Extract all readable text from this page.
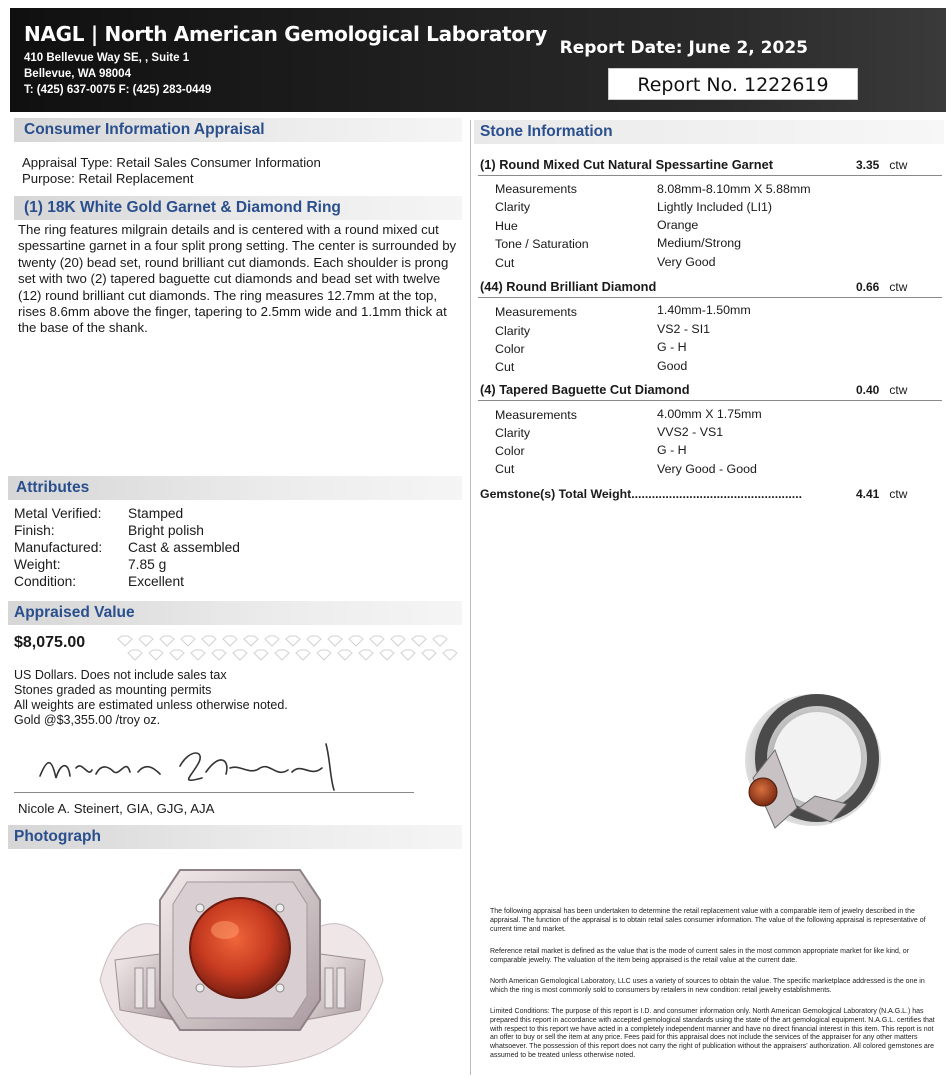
NAGL | North American Gemological Laboratory
410 Bellevue Way SE, , Suite 1
Bellevue, WA 98004
T: (425) 637-0075 F: (425) 283-0449
Report Date: June 2, 2025
Report No. 1222619
Consumer Information Appraisal
Appraisal Type: Retail Sales Consumer Information
Purpose: Retail Replacement
(1) 18K White Gold Garnet & Diamond Ring
The ring features milgrain details and is centered with a round mixed cut spessartine garnet in a four split prong setting. The center is surrounded by twenty (20) bead set, round brilliant cut diamonds. Each shoulder is prong set with two (2) tapered baguette cut diamonds and bead set with twelve (12) round brilliant cut diamonds. The ring measures 12.7mm at the top, rises 8.6mm above the finger, tapering to 2.5mm wide and 1.1mm thick at the base of the shank.
Attributes
Metal Verified:	Stamped
Finish:	Bright polish
Manufactured:	Cast & assembled
Weight:	7.85 g
Condition:	Excellent
Appraised Value
$8,075.00
US Dollars. Does not include sales tax
Stones graded as mounting permits
All weights are estimated unless otherwise noted.
Gold @$3,355.00 /troy oz.
Nicole A. Steinert, GIA, GJG, AJA
Photograph
Stone Information
(1) Round Mixed Cut Natural Spessartine Garnet	3.35 ctw
Measurements	8.08mm-8.10mm X 5.88mm
Clarity	Lightly Included (LI1)
Hue	Orange
Tone / Saturation	Medium/Strong
Cut	Very Good
(44) Round Brilliant Diamond	0.66 ctw
Measurements	1.40mm-1.50mm
Clarity	VS2 - SI1
Color	G - H
Cut	Good
(4) Tapered Baguette Cut Diamond	0.40 ctw
Measurements	4.00mm X 1.75mm
Clarity	VVS2 - VS1
Color	G - H
Cut	Very Good - Good
Gemstone(s) Total Weight..................................................	4.41 ctw
The following appraisal has been undertaken to determine the retail replacement value with a comparable item of jewelry described in the appraisal. The function of the appraisal is to obtain retail sales consumer information. The value of the following appraisal is representative of current time and market.
Reference retail market is defined as the value that is the mode of current sales in the most common appropriate market for like kind, or comparable jewelry. The valuation of the item being appraised is the retail value at the current date.
North American Gemological Laboratory, LLC uses a variety of sources to obtain the value. The specific marketplace addressed is the one in which the ring is most commonly sold to consumers by retailers in new condition: retail jewelry establishments.
Limited Conditions: The purpose of this report is I.D. and consumer information only. North American Gemological Laboratory (N.A.G.L.) has prepared this report in accordance with accepted gemological standards using the state of the art gemological equipment. N.A.G.L. certifies that with respect to this report we have acted in a completely independent manner and have no direct financial interest in this item. This report is not an offer to buy or sell the item at any price. Fees paid for this appraisal does not include the services of the appraiser for any other matters whatsoever. The possession of this report does not carry the right of publication without the appraisers' authorization. All colored gemstones are assumed to be treated unless otherwise noted.
